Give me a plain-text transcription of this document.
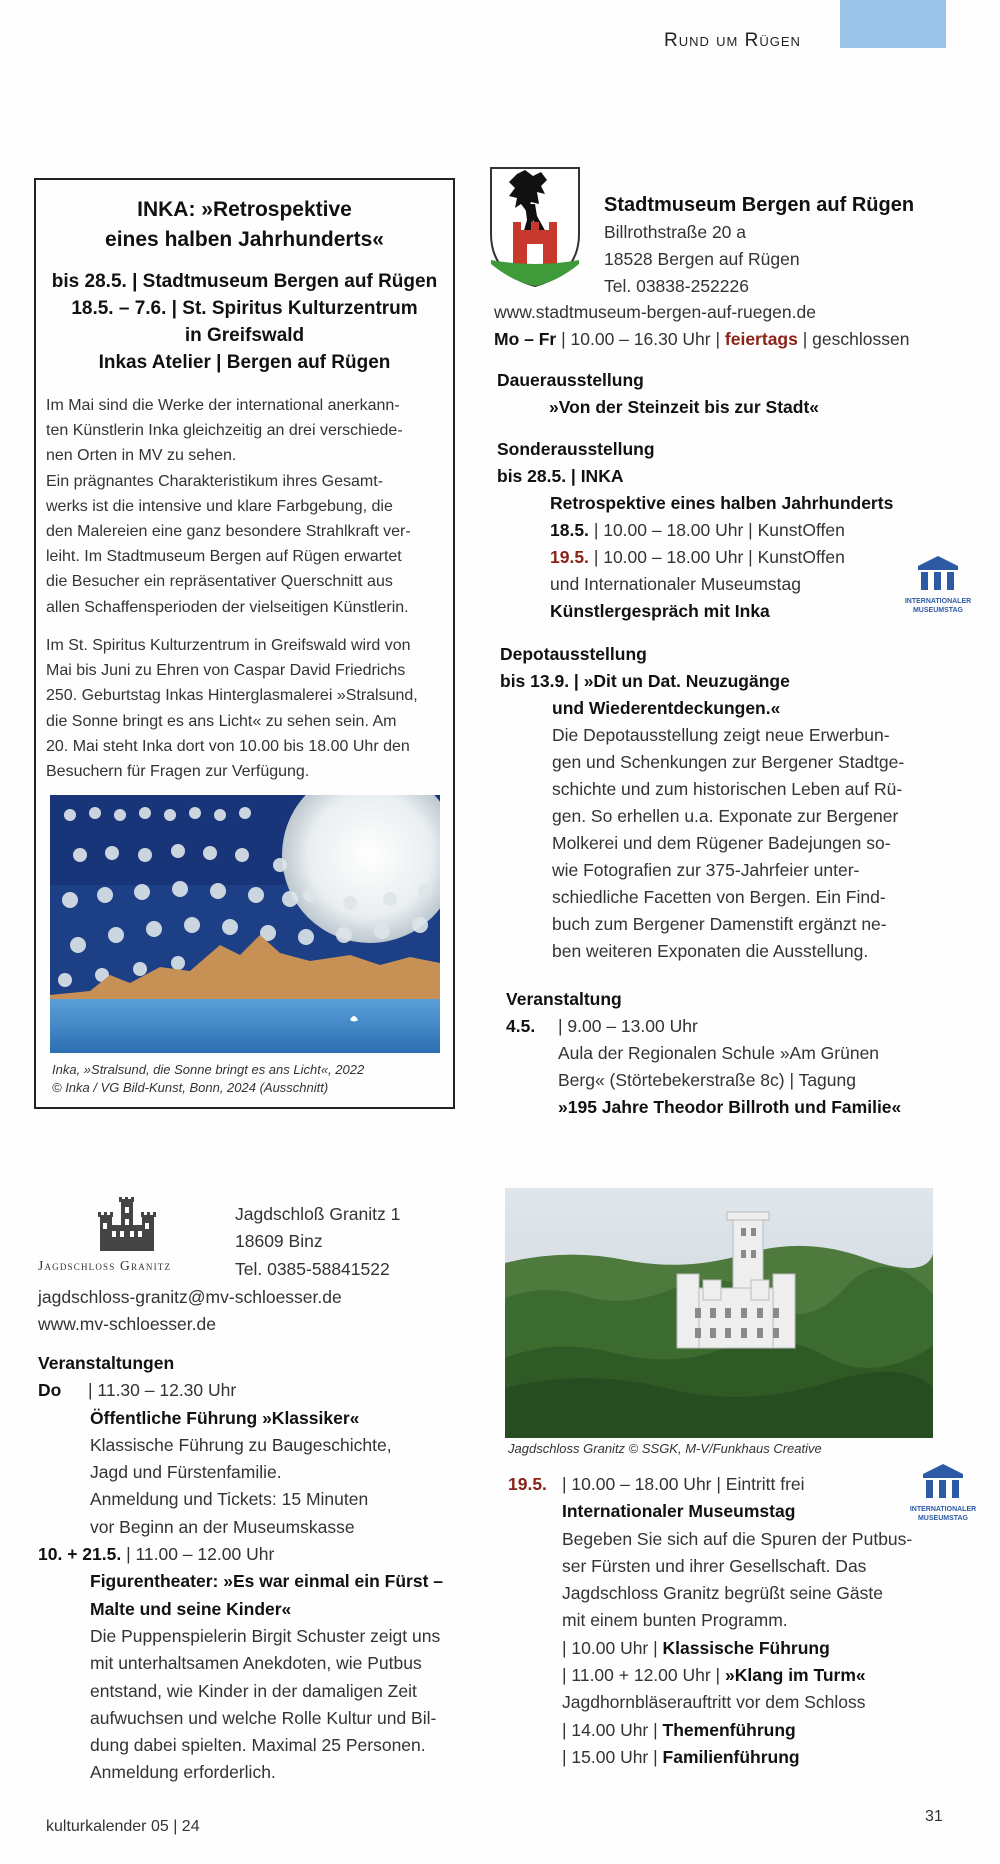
Rund um Rügen
INKA: »Retrospektive
eines halben Jahrhunderts«
bis 28.5. | Stadtmuseum Bergen auf Rügen
18.5. – 7.6. | St. Spiritus Kulturzentrum
in Greifswald
Inkas Atelier | Bergen auf Rügen
Im Mai sind die Werke der international anerkann-
ten Künstlerin Inka gleichzeitig an drei verschiede-
nen Orten in MV zu sehen.
Ein prägnantes Charakteristikum ihres Gesamt-
werks ist die intensive und klare Farbgebung, die
den Malereien eine ganz besondere Strahlkraft ver-
leiht. Im Stadtmuseum Bergen auf Rügen erwartet
die Besucher ein repräsentativer Querschnitt aus
allen Schaffensperioden der vielseitigen Künstlerin.
Im St. Spiritus Kulturzentrum in Greifswald wird von
Mai bis Juni zu Ehren von Caspar David Friedrichs
250. Geburtstag Inkas Hinterglasmalerei »Stralsund,
die Sonne bringt es ans Licht« zu sehen sein. Am
20. Mai steht Inka dort von 10.00 bis 18.00 Uhr den
Besuchern für Fragen zur Verfügung.
Inka, »Stralsund, die Sonne bringt es ans Licht«, 2022
© Inka / VG Bild-Kunst, Bonn, 2024 (Ausschnitt)
Stadtmuseum Bergen auf Rügen
Billrothstraße 20 a
18528 Bergen auf Rügen
Tel. 03838-252226
www.stadtmuseum-bergen-auf-ruegen.de
Mo – Fr | 10.00 – 16.30 Uhr | feiertags | geschlossen
Dauerausstellung
»Von der Steinzeit bis zur Stadt«
Sonderausstellung
bis 28.5. | INKA
Retrospektive eines halben Jahrhunderts
18.5. | 10.00 – 18.00 Uhr | KunstOffen
19.5. | 10.00 – 18.00 Uhr | KunstOffen
und Internationaler Museumstag
Künstlergespräch mit Inka	INTERNATIONALER
MUSEUMSTAG
Depotausstellung
bis 13.9. | »Dit un Dat. Neuzugänge
und Wiederentdeckungen.«
Die Depotausstellung zeigt neue Erwerbun-
gen und Schenkungen zur Bergener Stadtge-
schichte und zum historischen Leben auf Rü-
gen. So erhellen u.a. Exponate zur Bergener
Molkerei und dem Rügener Badejungen so-
wie Fotografien zur 375-Jahrfeier unter-
schiedliche Facetten von Bergen. Ein Find-
buch zum Bergener Damenstift ergänzt ne-
ben weiteren Exponaten die Ausstellung.
Veranstaltung
4.5. | 9.00 – 13.00 Uhr
Aula der Regionalen Schule »Am Grünen
Berg« (Störtebekerstraße 8c) | Tagung
»195 Jahre Theodor Billroth und Familie«
Jagdschloss Granitz
Jagdschloß Granitz 1
18609 Binz
Tel. 0385-58841522
jagdschloss-granitz@mv-schloesser.de
www.mv-schloesser.de
Veranstaltungen
Do | 11.30 – 12.30 Uhr
Öffentliche Führung »Klassiker«
Klassische Führung zu Baugeschichte,
Jagd und Fürstenfamilie.
Anmeldung und Tickets: 15 Minuten
vor Beginn an der Museumskasse
10. + 21.5. | 11.00 – 12.00 Uhr
Figurentheater: »Es war einmal ein Fürst –
Malte und seine Kinder«
Die Puppenspielerin Birgit Schuster zeigt uns
mit unterhaltsamen Anekdoten, wie Putbus
entstand, wie Kinder in der damaligen Zeit
aufwuchsen und welche Rolle Kultur und Bil-
dung dabei spielten. Maximal 25 Personen.
Anmeldung erforderlich.
Jagdschloss Granitz © SSGK, M-V/Funkhaus Creative
19.5. | 10.00 – 18.00 Uhr | Eintritt frei
Internationaler Museumstag
Begeben Sie sich auf die Spuren der Putbus-
ser Fürsten und ihrer Gesellschaft. Das
Jagdschloss Granitz begrüßt seine Gäste
mit einem bunten Programm.
| 10.00 Uhr | Klassische Führung
| 11.00 + 12.00 Uhr | »Klang im Turm«
Jagdhornbläserauftritt vor dem Schloss
| 14.00 Uhr | Themenführung
| 15.00 Uhr | Familienführung
INTERNATIONALER
MUSEUMSTAG
kulturkalender 05 | 24
31
